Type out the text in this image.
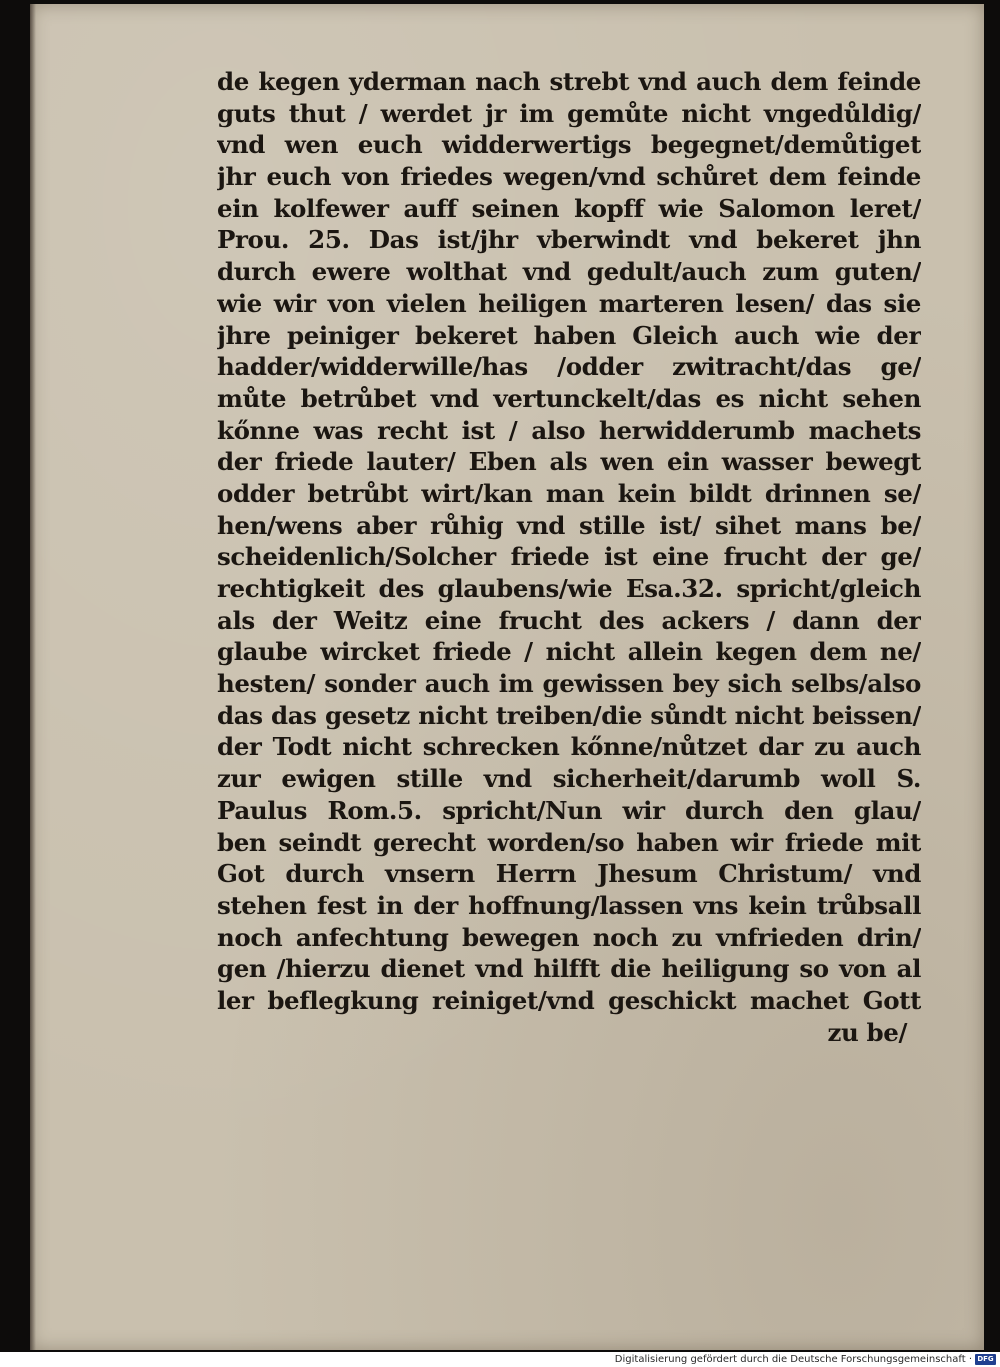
de kegen yderman nach strebt vnd auch dem feinde
guts thut / werdet jr im gemůte nicht vngedůldig/
vnd wen euch widderwertigs begegnet/demůtiget
jhr euch von friedes wegen/vnd schůret dem feinde
ein kolfewer auff seinen kopff wie Salomon leret/
Prou. 25. Das ist/jhr vberwindt vnd bekeret jhn
durch ewere wolthat vnd gedult/auch zum guten/
wie wir von vielen heiligen marteren lesen/ das sie
jhre peiniger bekeret haben Gleich auch wie der
hadder/widderwille/has /odder zwitracht/das ge/
můte betrůbet vnd vertunckelt/das es nicht sehen
kőnne was recht ist / also herwidderumb machets
der friede lauter/ Eben als wen ein wasser bewegt
odder betrůbt wirt/kan man kein bildt drinnen se/
hen/wens aber růhig vnd stille ist/ sihet mans be/
scheidenlich/Solcher friede ist eine frucht der ge/
rechtigkeit des glaubens/wie Esa.32. spricht/gleich
als der Weitz eine frucht des ackers / dann der
glaube wircket friede / nicht allein kegen dem ne/
hesten/ sonder auch im gewissen bey sich selbs/also
das das gesetz nicht treiben/die sůndt nicht beissen/
der Todt nicht schrecken kőnne/nůtzet dar zu auch
zur ewigen stille vnd sicherheit/darumb woll S.
Paulus Rom.5. spricht/Nun wir durch den glau/
ben seindt gerecht worden/so haben wir friede mit
Got durch vnsern Herrn Jhesum Christum/ vnd
stehen fest in der hoffnung/lassen vns kein trůbsall
noch anfechtung bewegen noch zu vnfrieden drin/
gen /hierzu dienet vnd hilfft die heiligung so von al
ler beflegkung reiniget/vnd geschickt machet Gott
zu be/
Digitalisierung gefördert durch die Deutsche Forschungsgemeinschaft · DFG
